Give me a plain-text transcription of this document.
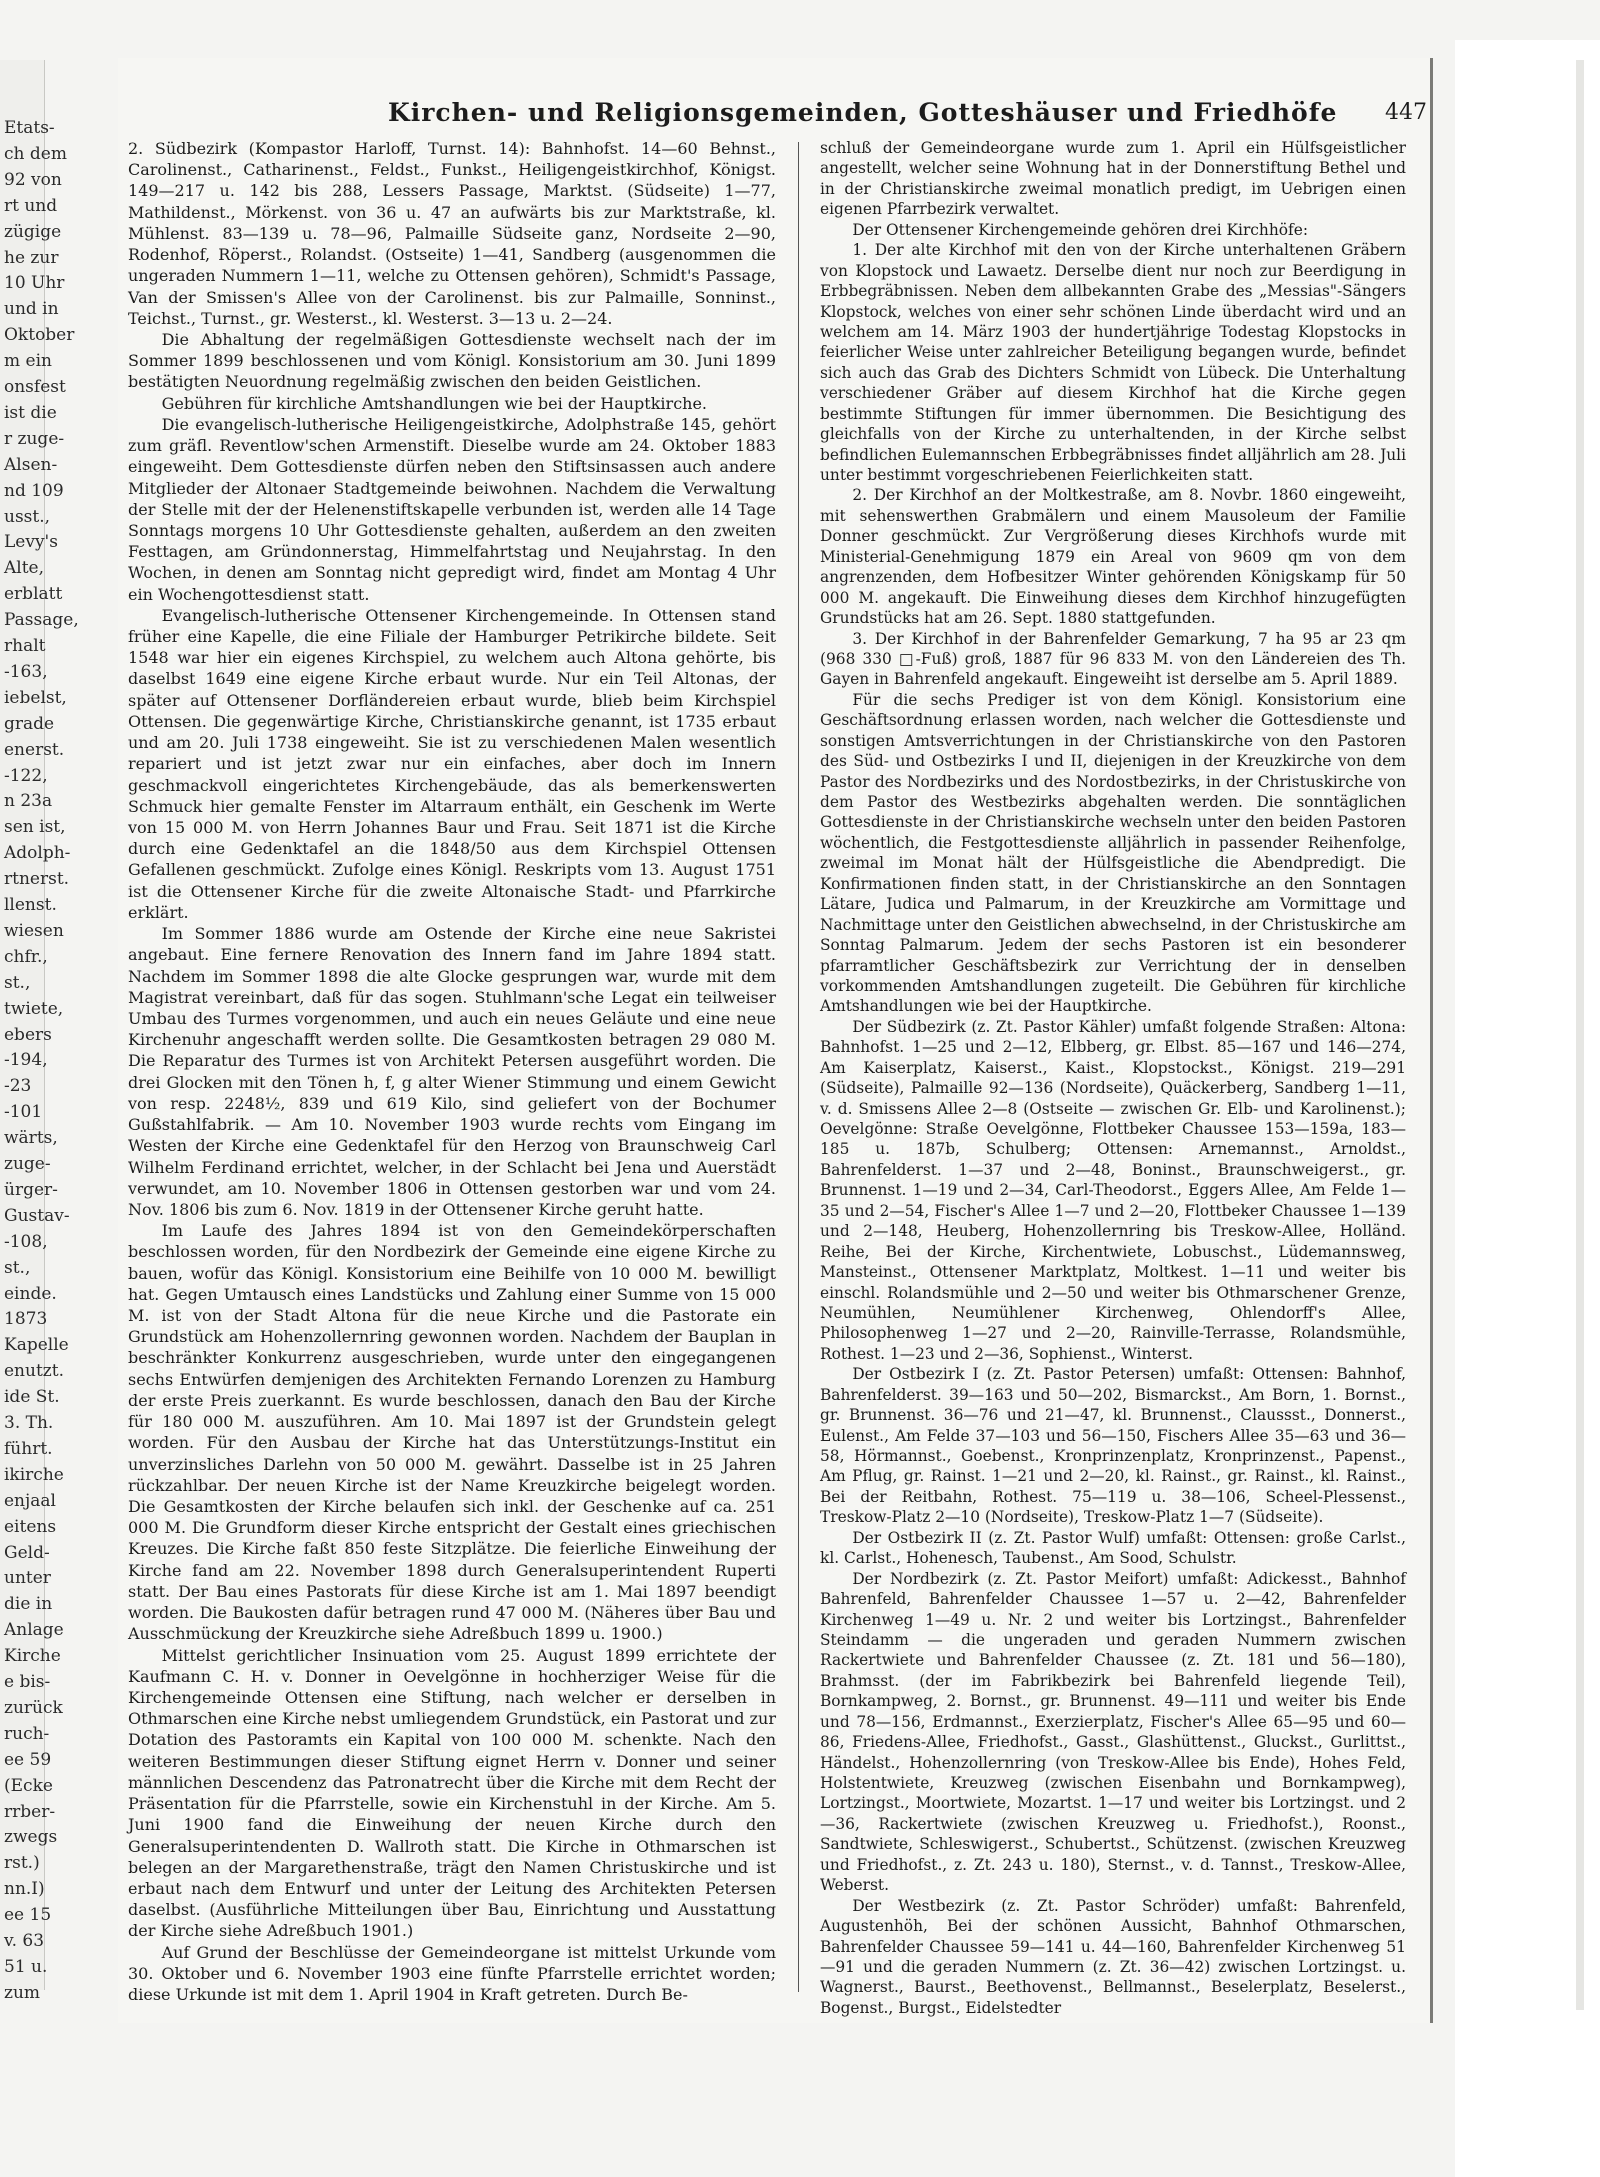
Etats-
ch dem
92 von
rt und
zügige
he zur
10 Uhr
und in
Oktober
m ein
onsfest
ist die
r zuge-
Alsen-
nd 109
usst.,
Levy's
Alte,
erblatt
Passage,
rhalt
-163,
iebelst,
grade
enerst.
-122,
n 23a
sen ist,
Adolph-
rtnerst.
llenst.
wiesen
chfr.,
st.,
twiete,
ebers
-194,
-23
-101
wärts,
zuge-
ürger-
Gustav-
-108,
st.,
einde.
1873
Kapelle
enutzt.
ide St.
3. Th.
führt.
ikirche
enjaal
eitens
Geld-
unter
die in
Anlage
Kirche
e bis-
zurück
ruch-
ee 59
(Ecke
rrber-
zwegs
rst.)
nn.I)
ee 15
v. 63
51 u.
zum
Kirchen- und Religionsgemeinden, Gotteshäuser und Friedhöfe 447

2. Südbezirk (Kompastor Harloff, Turnst. 14): Bahnhofst. 14—60 Behnst., Carolinenst., Catharinenst., Feldst., Funkst., Heiligengeistkirchhof, Königst. 149—217 u. 142 bis 288, Lessers Passage, Marktst. (Südseite) 1—77, Mathildenst., Mörkenst. von 36 u. 47 an aufwärts bis zur Marktstraße, kl. Mühlenst. 83—139 u. 78—96, Palmaille Südseite ganz, Nordseite 2—90, Rodenhof, Röperst., Rolandst. (Ostseite) 1—41, Sandberg (ausgenommen die ungeraden Nummern 1—11, welche zu Ottensen gehören), Schmidt's Passage, Van der Smissen's Allee von der Carolinenst. bis zur Palmaille, Sonninst., Teichst., Turnst., gr. Westerst., kl. Westerst. 3—13 u. 2—24.

Die Abhaltung der regelmäßigen Gottesdienste wechselt nach der im Sommer 1899 beschlossenen und vom Königl. Konsistorium am 30. Juni 1899 bestätigten Neuordnung regelmäßig zwischen den beiden Geistlichen.

Gebühren für kirchliche Amtshandlungen wie bei der Hauptkirche.

Die evangelisch-lutherische Heiligengeistkirche, Adolphstraße 145, gehört zum gräfl. Reventlow'schen Armenstift. Dieselbe wurde am 24. Oktober 1883 eingeweiht. Dem Gottesdienste dürfen neben den Stiftsinsassen auch andere Mitglieder der Altonaer Stadtgemeinde beiwohnen. Nachdem die Verwaltung der Stelle mit der der Helenenstiftskapelle verbunden ist, werden alle 14 Tage Sonntags morgens 10 Uhr Gottesdienste gehalten, außerdem an den zweiten Festtagen, am Gründonnerstag, Himmelfahrtstag und Neujahrstag. In den Wochen, in denen am Sonntag nicht gepredigt wird, findet am Montag 4 Uhr ein Wochengottesdienst statt.

Evangelisch-lutherische Ottensener Kirchengemeinde. In Ottensen stand früher eine Kapelle, die eine Filiale der Hamburger Petrikirche bildete. Seit 1548 war hier ein eigenes Kirchspiel, zu welchem auch Altona gehörte, bis daselbst 1649 eine eigene Kirche erbaut wurde. Nur ein Teil Altonas, der später auf Ottensener Dorfländereien erbaut wurde, blieb beim Kirchspiel Ottensen. Die gegenwärtige Kirche, Christianskirche genannt, ist 1735 erbaut und am 20. Juli 1738 eingeweiht. Sie ist zu verschiedenen Malen wesentlich repariert und ist jetzt zwar nur ein einfaches, aber doch im Innern geschmackvoll eingerichtetes Kirchengebäude, das als bemerkenswerten Schmuck hier gemalte Fenster im Altarraum enthält, ein Geschenk im Werte von 15 000 M. von Herrn Johannes Baur und Frau. Seit 1871 ist die Kirche durch eine Gedenktafel an die 1848/50 aus dem Kirchspiel Ottensen Gefallenen geschmückt. Zufolge eines Königl. Reskripts vom 13. August 1751 ist die Ottensener Kirche für die zweite Altonaische Stadt- und Pfarrkirche erklärt.

Im Sommer 1886 wurde am Ostende der Kirche eine neue Sakristei angebaut. Eine fernere Renovation des Innern fand im Jahre 1894 statt. Nachdem im Sommer 1898 die alte Glocke gesprungen war, wurde mit dem Magistrat vereinbart, daß für das sogen. Stuhlmann'sche Legat ein teilweiser Umbau des Turmes vorgenommen, und auch ein neues Geläute und eine neue Kirchenuhr angeschafft werden sollte. Die Gesamtkosten betragen 29 080 M. Die Reparatur des Turmes ist von Architekt Petersen ausgeführt worden. Die drei Glocken mit den Tönen h, f, g alter Wiener Stimmung und einem Gewicht von resp. 2248½, 839 und 619 Kilo, sind geliefert von der Bochumer Gußstahlfabrik. — Am 10. November 1903 wurde rechts vom Eingang im Westen der Kirche eine Gedenktafel für den Herzog von Braunschweig Carl Wilhelm Ferdinand errichtet, welcher, in der Schlacht bei Jena und Auerstädt verwundet, am 10. November 1806 in Ottensen gestorben war und vom 24. Nov. 1806 bis zum 6. Nov. 1819 in der Ottensener Kirche geruht hatte.

Im Laufe des Jahres 1894 ist von den Gemeindekörperschaften beschlossen worden, für den Nordbezirk der Gemeinde eine eigene Kirche zu bauen, wofür das Königl. Konsistorium eine Beihilfe von 10 000 M. bewilligt hat. Gegen Umtausch eines Landstücks und Zahlung einer Summe von 15 000 M. ist von der Stadt Altona für die neue Kirche und die Pastorate ein Grundstück am Hohenzollernring gewonnen worden. Nachdem der Bauplan in beschränkter Konkurrenz ausgeschrieben, wurde unter den eingegangenen sechs Entwürfen demjenigen des Architekten Fernando Lorenzen zu Hamburg der erste Preis zuerkannt. Es wurde beschlossen, danach den Bau der Kirche für 180 000 M. auszuführen. Am 10. Mai 1897 ist der Grundstein gelegt worden. Für den Ausbau der Kirche hat das Unterstützungs-Institut ein unverzinsliches Darlehn von 50 000 M. gewährt. Dasselbe ist in 25 Jahren rückzahlbar. Der neuen Kirche ist der Name Kreuzkirche beigelegt worden. Die Gesamtkosten der Kirche belaufen sich inkl. der Geschenke auf ca. 251 000 M. Die Grundform dieser Kirche entspricht der Gestalt eines griechischen Kreuzes. Die Kirche faßt 850 feste Sitzplätze. Die feierliche Einweihung der Kirche fand am 22. November 1898 durch Generalsuperintendent Ruperti statt. Der Bau eines Pastorats für diese Kirche ist am 1. Mai 1897 beendigt worden. Die Baukosten dafür betragen rund 47 000 M. (Näheres über Bau und Ausschmückung der Kreuzkirche siehe Adreßbuch 1899 u. 1900.)

Mittelst gerichtlicher Insinuation vom 25. August 1899 errichtete der Kaufmann C. H. v. Donner in Oevelgönne in hochherziger Weise für die Kirchengemeinde Ottensen eine Stiftung, nach welcher er derselben in Othmarschen eine Kirche nebst umliegendem Grundstück, ein Pastorat und zur Dotation des Pastoramts ein Kapital von 100 000 M. schenkte. Nach den weiteren Bestimmungen dieser Stiftung eignet Herrn v. Donner und seiner männlichen Descendenz das Patronatrecht über die Kirche mit dem Recht der Präsentation für die Pfarrstelle, sowie ein Kirchenstuhl in der Kirche. Am 5. Juni 1900 fand die Einweihung der neuen Kirche durch den Generalsuperintendenten D. Wallroth statt. Die Kirche in Othmarschen ist belegen an der Margarethenstraße, trägt den Namen Christuskirche und ist erbaut nach dem Entwurf und unter der Leitung des Architekten Petersen daselbst. (Ausführliche Mitteilungen über Bau, Einrichtung und Ausstattung der Kirche siehe Adreßbuch 1901.)

Auf Grund der Beschlüsse der Gemeindeorgane ist mittelst Urkunde vom 30. Oktober und 6. November 1903 eine fünfte Pfarrstelle errichtet worden; diese Urkunde ist mit dem 1. April 1904 in Kraft getreten. Durch Be-

schluß der Gemeindeorgane wurde zum 1. April ein Hülfsgeistlicher angestellt, welcher seine Wohnung hat in der Donnerstiftung Bethel und in der Christianskirche zweimal monatlich predigt, im Uebrigen einen eigenen Pfarrbezirk verwaltet.

Der Ottensener Kirchengemeinde gehören drei Kirchhöfe:

1. Der alte Kirchhof mit den von der Kirche unterhaltenen Gräbern von Klopstock und Lawaetz. Derselbe dient nur noch zur Beerdigung in Erbbegräbnissen. Neben dem allbekannten Grabe des „Messias"-Sängers Klopstock, welches von einer sehr schönen Linde überdacht wird und an welchem am 14. März 1903 der hundertjährige Todestag Klopstocks in feierlicher Weise unter zahlreicher Beteiligung begangen wurde, befindet sich auch das Grab des Dichters Schmidt von Lübeck. Die Unterhaltung verschiedener Gräber auf diesem Kirchhof hat die Kirche gegen bestimmte Stiftungen für immer übernommen. Die Besichtigung des gleichfalls von der Kirche zu unterhaltenden, in der Kirche selbst befindlichen Eulemannschen Erbbegräbnisses findet alljährlich am 28. Juli unter bestimmt vorgeschriebenen Feierlichkeiten statt.

2. Der Kirchhof an der Moltkestraße, am 8. Novbr. 1860 eingeweiht, mit sehenswerthen Grabmälern und einem Mausoleum der Familie Donner geschmückt. Zur Vergrößerung dieses Kirchhofs wurde mit Ministerial-Genehmigung 1879 ein Areal von 9609 qm von dem angrenzenden, dem Hofbesitzer Winter gehörenden Königskamp für 50 000 M. angekauft. Die Einweihung dieses dem Kirchhof hinzugefügten Grundstücks hat am 26. Sept. 1880 stattgefunden.

3. Der Kirchhof in der Bahrenfelder Gemarkung, 7 ha 95 ar 23 qm (968 330 □-Fuß) groß, 1887 für 96 833 M. von den Ländereien des Th. Gayen in Bahrenfeld angekauft. Eingeweiht ist derselbe am 5. April 1889.

Für die sechs Prediger ist von dem Königl. Konsistorium eine Geschäftsordnung erlassen worden, nach welcher die Gottesdienste und sonstigen Amtsverrichtungen in der Christianskirche von den Pastoren des Süd- und Ostbezirks I und II, diejenigen in der Kreuzkirche von dem Pastor des Nordbezirks und des Nordostbezirks, in der Christuskirche von dem Pastor des Westbezirks abgehalten werden. Die sonntäglichen Gottesdienste in der Christianskirche wechseln unter den beiden Pastoren wöchentlich, die Festgottesdienste alljährlich in passender Reihenfolge, zweimal im Monat hält der Hülfsgeistliche die Abendpredigt. Die Konfirmationen finden statt, in der Christianskirche an den Sonntagen Lätare, Judica und Palmarum, in der Kreuzkirche am Vormittage und Nachmittage unter den Geistlichen abwechselnd, in der Christuskirche am Sonntag Palmarum. Jedem der sechs Pastoren ist ein besonderer pfarramtlicher Geschäftsbezirk zur Verrichtung der in denselben vorkommenden Amtshandlungen zugeteilt. Die Gebühren für kirchliche Amtshandlungen wie bei der Hauptkirche.

Der Südbezirk (z. Zt. Pastor Kähler) umfaßt folgende Straßen: Altona: Bahnhofst. 1—25 und 2—12, Elbberg, gr. Elbst. 85—167 und 146—274, Am Kaiserplatz, Kaiserst., Kaist., Klopstockst., Königst. 219—291 (Südseite), Palmaille 92—136 (Nordseite), Quäckerberg, Sandberg 1—11, v. d. Smissens Allee 2—8 (Ostseite — zwischen Gr. Elb- und Karolinenst.); Oevelgönne: Straße Oevelgönne, Flottbeker Chaussee 153—159a, 183—185 u. 187b, Schulberg; Ottensen: Arnemannst., Arnoldst., Bahrenfelderst. 1—37 und 2—48, Boninst., Braunschweigerst., gr. Brunnenst. 1—19 und 2—34, Carl-Theodorst., Eggers Allee, Am Felde 1—35 und 2—54, Fischer's Allee 1—7 und 2—20, Flottbeker Chaussee 1—139 und 2—148, Heuberg, Hohenzollernring bis Treskow-Allee, Holländ. Reihe, Bei der Kirche, Kirchentwiete, Lobuschst., Lüdemannsweg, Mansteinst., Ottensener Marktplatz, Moltkest. 1—11 und weiter bis einschl. Rolandsmühle und 2—50 und weiter bis Othmarschener Grenze, Neumühlen, Neumühlener Kirchenweg, Ohlendorff's Allee, Philosophenweg 1—27 und 2—20, Rainville-Terrasse, Rolandsmühle, Rothest. 1—23 und 2—36, Sophienst., Winterst.

Der Ostbezirk I (z. Zt. Pastor Petersen) umfaßt: Ottensen: Bahnhof, Bahrenfelderst. 39—163 und 50—202, Bismarckst., Am Born, 1. Bornst., gr. Brunnenst. 36—76 und 21—47, kl. Brunnenst., Claussst., Donnerst., Eulenst., Am Felde 37—103 und 56—150, Fischers Allee 35—63 und 36—58, Hörmannst., Goebenst., Kronprinzenplatz, Kronprinzenst., Papenst., Am Pflug, gr. Rainst. 1—21 und 2—20, kl. Rainst., gr. Rainst., kl. Rainst., Bei der Reitbahn, Rothest. 75—119 u. 38—106, Scheel-Plessenst., Treskow-Platz 2—10 (Nordseite), Treskow-Platz 1—7 (Südseite).

Der Ostbezirk II (z. Zt. Pastor Wulf) umfaßt: Ottensen: große Carlst., kl. Carlst., Hohenesch, Taubenst., Am Sood, Schulstr.

Der Nordbezirk (z. Zt. Pastor Meifort) umfaßt: Adickesst., Bahnhof Bahrenfeld, Bahrenfelder Chaussee 1—57 u. 2—42, Bahrenfelder Kirchenweg 1—49 u. Nr. 2 und weiter bis Lortzingst., Bahrenfelder Steindamm — die ungeraden und geraden Nummern zwischen Rackertwiete und Bahrenfelder Chaussee (z. Zt. 181 und 56—180), Brahmsst. (der im Fabrikbezirk bei Bahrenfeld liegende Teil), Bornkampweg, 2. Bornst., gr. Brunnenst. 49—111 und weiter bis Ende und 78—156, Erdmannst., Exerzierplatz, Fischer's Allee 65—95 und 60—86, Friedens-Allee, Friedhofst., Gasst., Glashüttenst., Gluckst., Gurlittst., Händelst., Hohenzollernring (von Treskow-Allee bis Ende), Hohes Feld, Holstentwiete, Kreuzweg (zwischen Eisenbahn und Bornkampweg), Lortzingst., Moortwiete, Mozartst. 1—17 und weiter bis Lortzingst. und 2—36, Rackertwiete (zwischen Kreuzweg u. Friedhofst.), Roonst., Sandtwiete, Schleswigerst., Schubertst., Schützenst. (zwischen Kreuzweg und Friedhofst., z. Zt. 243 u. 180), Sternst., v. d. Tannst., Treskow-Allee, Weberst.

Der Westbezirk (z. Zt. Pastor Schröder) umfaßt: Bahrenfeld, Augustenhöh, Bei der schönen Aussicht, Bahnhof Othmarschen, Bahrenfelder Chaussee 59—141 u. 44—160, Bahrenfelder Kirchenweg 51—91 und die geraden Nummern (z. Zt. 36—42) zwischen Lortzingst. u. Wagnerst., Baurst., Beethovenst., Bellmannst., Beselerplatz, Beselerst., Bogenst., Burgst., Eidelstedter
